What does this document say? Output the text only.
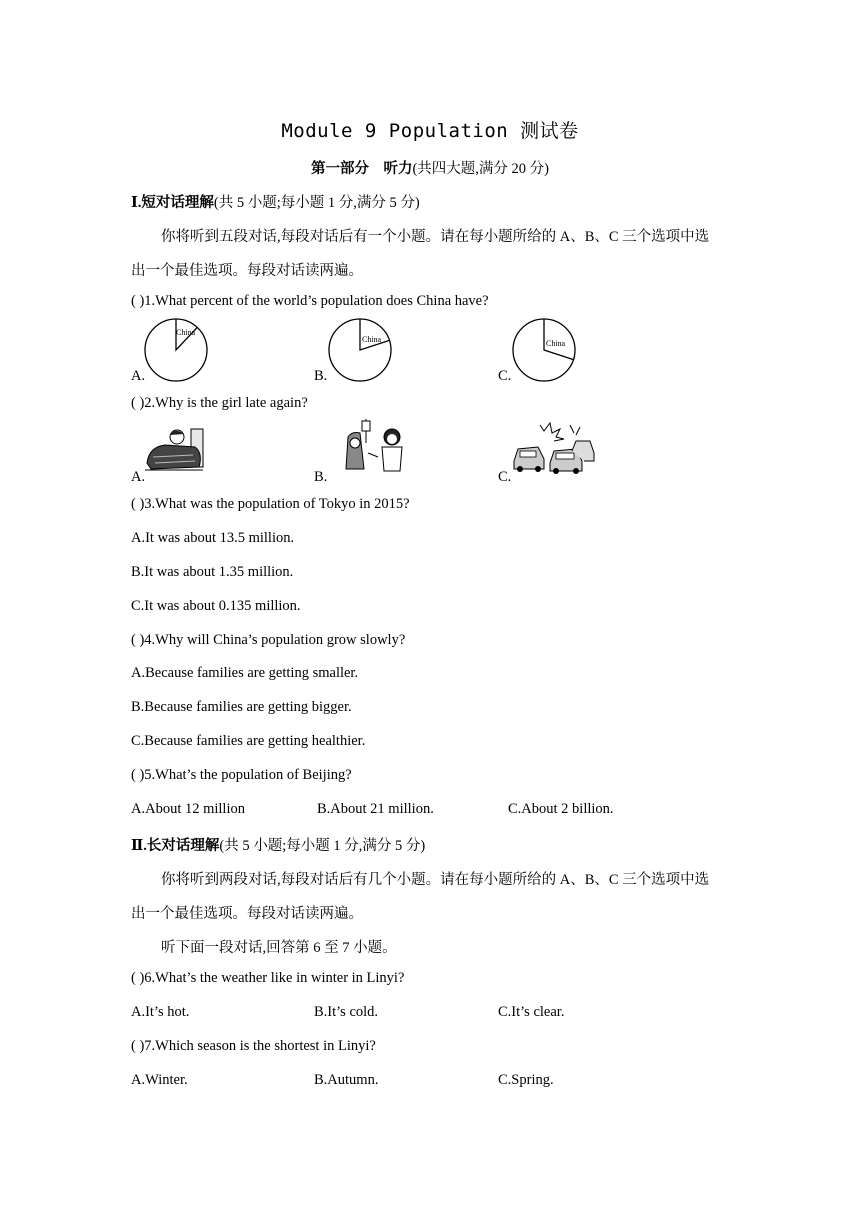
Module 9 Population 测试卷
第一部分　听力(共四大题,满分 20 分)
Ⅰ.短对话理解(共 5 小题;每小题 1 分,满分 5 分)
你将听到五段对话,每段对话后有一个小题。请在每小题所给的 A、B、C 三个选项中选
出一个最佳选项。每段对话读两遍。
( )1.What percent of the world’s population does China have?
A.
China
B.
China
C.
China
( )2.Why is the girl late again?
A.	B.	C.
( )3.What was the population of Tokyo in 2015?
A.It was about 13.5 million.
B.It was about 1.35 million.
C.It was about 0.135 million.
( )4.Why will China’s population grow slowly?
A.Because families are getting smaller.
B.Because families are getting bigger.
C.Because families are getting healthier.
( )5.What’s the population of Beijing?
A.About 12 million	B.About 21 million.	C.About 2 billion.
Ⅱ.长对话理解(共 5 小题;每小题 1 分,满分 5 分)
你将听到两段对话,每段对话后有几个小题。请在每小题所给的 A、B、C 三个选项中选
出一个最佳选项。每段对话读两遍。
听下面一段对话,回答第 6 至 7 小题。
( )6.What’s the weather like in winter in Linyi?
A.It’s hot.	B.It’s cold.	C.It’s clear.
( )7.Which season is the shortest in Linyi?
A.Winter.	B.Autumn.	C.Spring.
